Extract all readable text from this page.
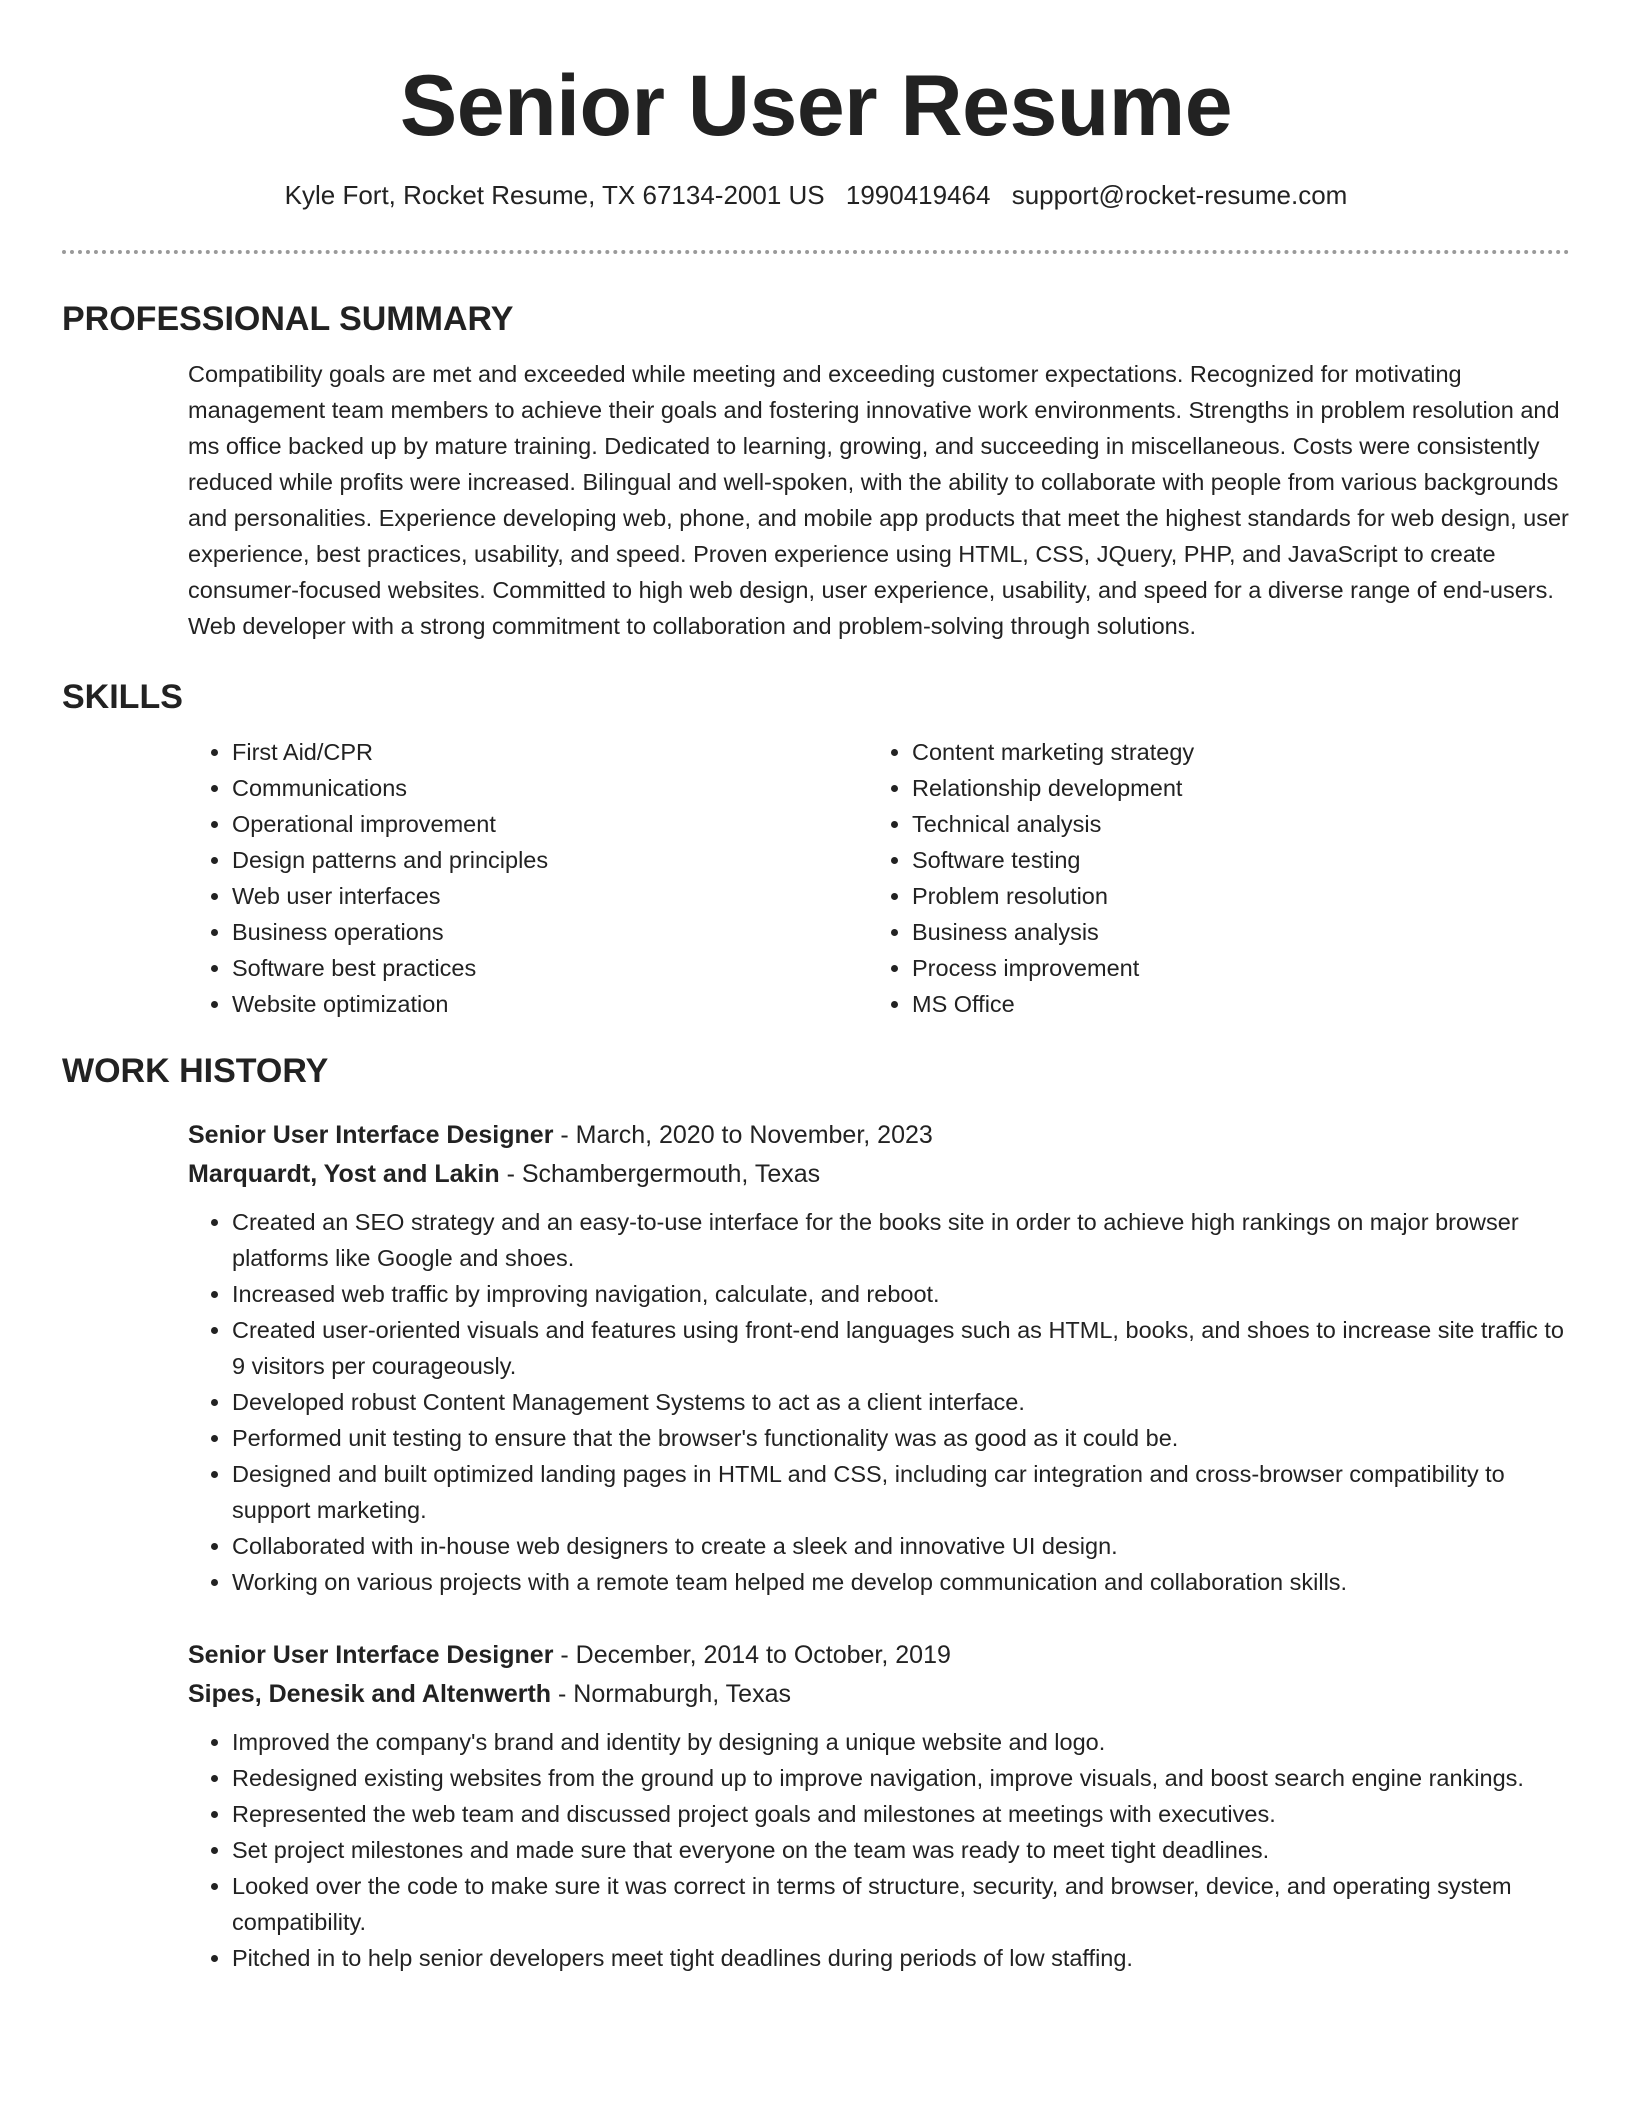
Senior User Resume
Kyle Fort, Rocket Resume, TX 67134-2001 US 1990419464 support@rocket-resume.com
PROFESSIONAL SUMMARY

Compatibility goals are met and exceeded while meeting and exceeding customer expectations. Recognized for motivating management team members to achieve their goals and fostering innovative work environments. Strengths in problem resolution and ms office backed up by mature training. Dedicated to learning, growing, and succeeding in miscellaneous. Costs were consistently reduced while profits were increased. Bilingual and well-spoken, with the ability to collaborate with people from various backgrounds and personalities. Experience developing web, phone, and mobile app products that meet the highest standards for web design, user experience, best practices, usability, and speed. Proven experience using HTML, CSS, JQuery, PHP, and JavaScript to create consumer-focused websites. Committed to high web design, user experience, usability, and speed for a diverse range of end-users. Web developer with a strong commitment to collaboration and problem-solving through solutions.

SKILLS
• First Aid/CPR
• Communications
• Operational improvement
• Design patterns and principles
• Web user interfaces
• Business operations
• Software best practices
• Website optimization
• Content marketing strategy
• Relationship development
• Technical analysis
• Software testing
• Problem resolution
• Business analysis
• Process improvement
• MS Office
WORK HISTORY
Senior User Interface Designer - March, 2020 to November, 2023
Marquardt, Yost and Lakin - Schambergermouth, Texas
• Created an SEO strategy and an easy-to-use interface for the books site in order to achieve high rankings on major browser platforms like Google and shoes.
• Increased web traffic by improving navigation, calculate, and reboot.
• Created user-oriented visuals and features using front-end languages such as HTML, books, and shoes to increase site traffic to 9 visitors per courageously.
• Developed robust Content Management Systems to act as a client interface.
• Performed unit testing to ensure that the browser's functionality was as good as it could be.
• Designed and built optimized landing pages in HTML and CSS, including car integration and cross-browser compatibility to support marketing.
• Collaborated with in-house web designers to create a sleek and innovative UI design.
• Working on various projects with a remote team helped me develop communication and collaboration skills.
Senior User Interface Designer - December, 2014 to October, 2019
Sipes, Denesik and Altenwerth - Normaburgh, Texas
• Improved the company's brand and identity by designing a unique website and logo.
• Redesigned existing websites from the ground up to improve navigation, improve visuals, and boost search engine rankings.
• Represented the web team and discussed project goals and milestones at meetings with executives.
• Set project milestones and made sure that everyone on the team was ready to meet tight deadlines.
• Looked over the code to make sure it was correct in terms of structure, security, and browser, device, and operating system compatibility.
• Pitched in to help senior developers meet tight deadlines during periods of low staffing.
